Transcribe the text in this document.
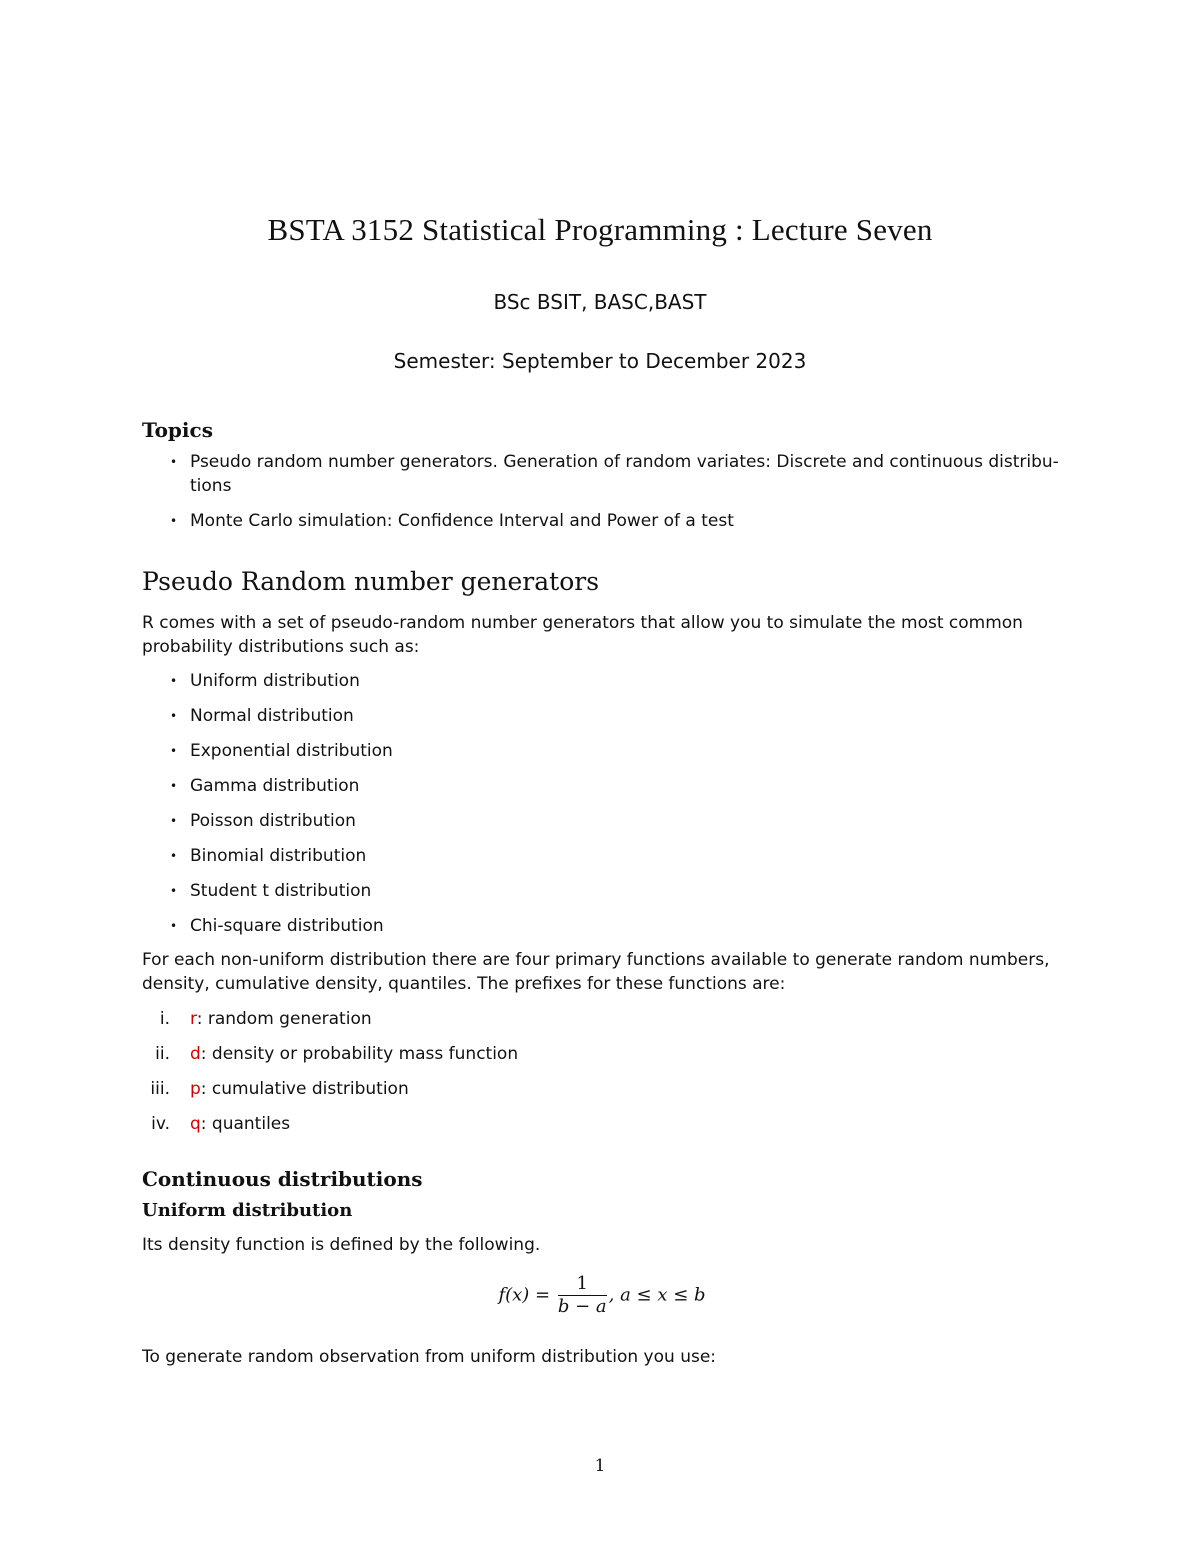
BSTA 3152 Statistical Programming : Lecture Seven
BSc BSIT, BASC,BAST
Semester: September to December 2023
Topics
• Pseudo random number generators. Generation of random variates: Discrete and continuous distribu-tions
• Monte Carlo simulation: Confidence Interval and Power of a test
Pseudo Random number generators

R comes with a set of pseudo-random number generators that allow you to simulate the most common probability distributions such as:

• Uniform distribution
• Normal distribution
• Exponential distribution
• Gamma distribution
• Poisson distribution
• Binomial distribution
• Student t distribution
• Chi-square distribution

For each non-uniform distribution there are four primary functions available to generate random numbers, density, cumulative density, quantiles. The prefixes for these functions are:

i. r: random generation
ii. d: density or probability mass function
iii. p: cumulative distribution
iv. q: quantiles
Continuous distributions
Uniform distribution

Its density function is defined by the following.

$f(x) = \frac{1}{b - a}$ , a ≤ x ≤ b

To generate random observation from uniform distribution you use:

1
